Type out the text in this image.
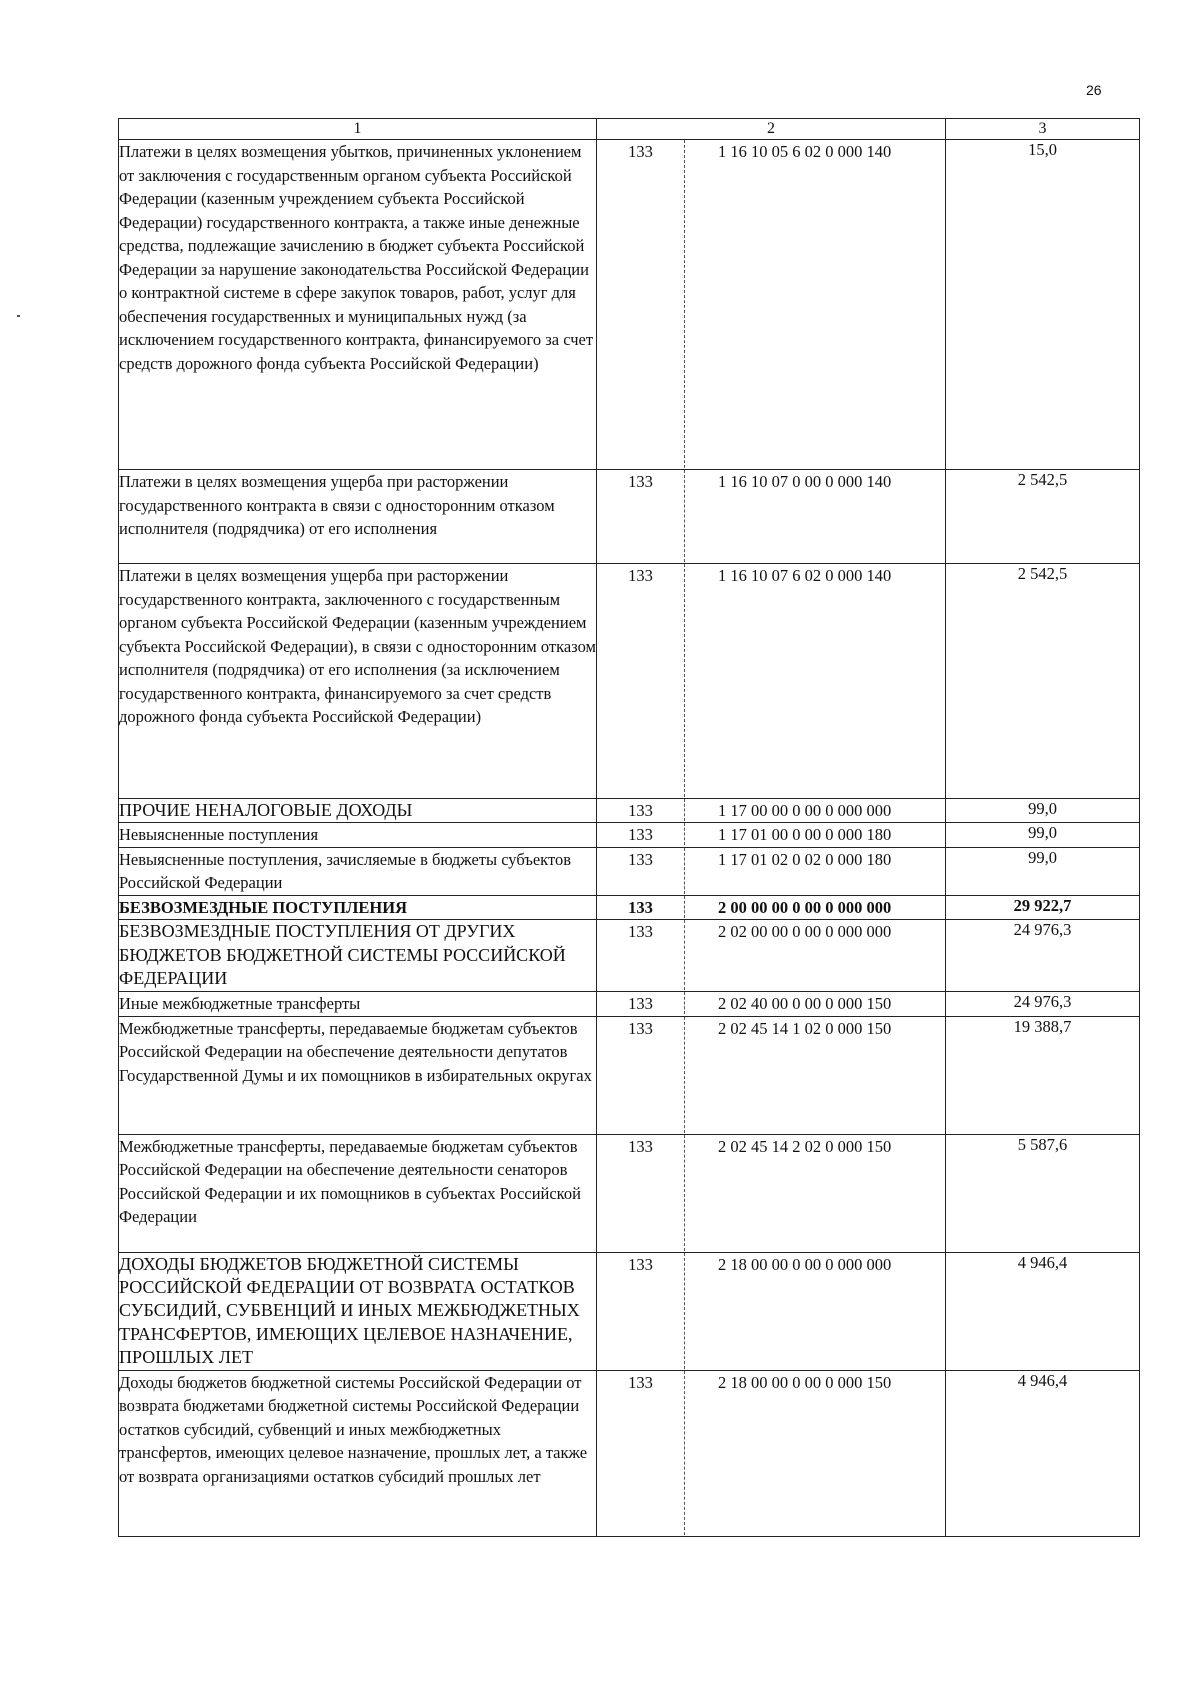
26
1	2	3
Платежи в целях возмещения убытков, причиненных уклонением от заключения с государственным органом субъекта Российской Федерации (казенным учреждением субъекта Российской Федерации) государственного контракта, а также иные денежные средства, подлежащие зачислению в бюджет субъекта Российской Федерации за нарушение законодательства Российской Федерации о контрактной системе в сфере закупок товаров, работ, услуг для обеспечения государственных и муниципальных нужд (за исключением государственного контракта, финансируемого за счет средств дорожного фонда субъекта Российской Федерации)	133 1 16 10 05 6 02 0 000 140	15,0
Платежи в целях возмещения ущерба при расторжении государственного контракта в связи с односторонним отказом исполнителя (подрядчика) от его исполнения	133 1 16 10 07 0 00 0 000 140	2 542,5
Платежи в целях возмещения ущерба при расторжении государственного контракта, заключенного с государственным органом субъекта Российской Федерации (казенным учреждением субъекта Российской Федерации), в связи с односторонним отказом исполнителя (подрядчика) от его исполнения (за исключением государственного контракта, финансируемого за счет средств дорожного фонда субъекта Российской Федерации)	133 1 16 10 07 6 02 0 000 140	2 542,5
ПРОЧИЕ НЕНАЛОГОВЫЕ ДОХОДЫ	133 1 17 00 00 0 00 0 000 000	99,0
Невыясненные поступления	133 1 17 01 00 0 00 0 000 180	99,0
Невыясненные поступления, зачисляемые в бюджеты субъектов Российской Федерации	133 1 17 01 02 0 02 0 000 180	99,0
БЕЗВОЗМЕЗДНЫЕ ПОСТУПЛЕНИЯ	133 2 00 00 00 0 00 0 000 000	29 922,7
БЕЗВОЗМЕЗДНЫЕ ПОСТУПЛЕНИЯ ОТ ДРУГИХ БЮДЖЕТОВ БЮДЖЕТНОЙ СИСТЕМЫ РОССИЙСКОЙ ФЕДЕРАЦИИ	133 2 02 00 00 0 00 0 000 000	24 976,3
Иные межбюджетные трансферты	133 2 02 40 00 0 00 0 000 150	24 976,3
Межбюджетные трансферты, передаваемые бюджетам субъектов Российской Федерации на обеспечение деятельности депутатов Государственной Думы и их помощников в избирательных округах	133 2 02 45 14 1 02 0 000 150	19 388,7
Межбюджетные трансферты, передаваемые бюджетам субъектов Российской Федерации на обеспечение деятельности сенаторов Российской Федерации и их помощников в субъектах Российской Федерации	133 2 02 45 14 2 02 0 000 150	5 587,6
ДОХОДЫ БЮДЖЕТОВ БЮДЖЕТНОЙ СИСТЕМЫ РОССИЙСКОЙ ФЕДЕРАЦИИ ОТ ВОЗВРАТА ОСТАТКОВ СУБСИДИЙ, СУБВЕНЦИЙ И ИНЫХ МЕЖБЮДЖЕТНЫХ ТРАНСФЕРТОВ, ИМЕЮЩИХ ЦЕЛЕВОЕ НАЗНАЧЕНИЕ, ПРОШЛЫХ ЛЕТ	133 2 18 00 00 0 00 0 000 000	4 946,4
Доходы бюджетов бюджетной системы Российской Федерации от возврата бюджетами бюджетной системы Российской Федерации остатков субсидий, субвенций и иных межбюджетных трансфертов, имеющих целевое назначение, прошлых лет, а также от возврата организациями остатков субсидий прошлых лет	133 2 18 00 00 0 00 0 000 150	4 946,4
